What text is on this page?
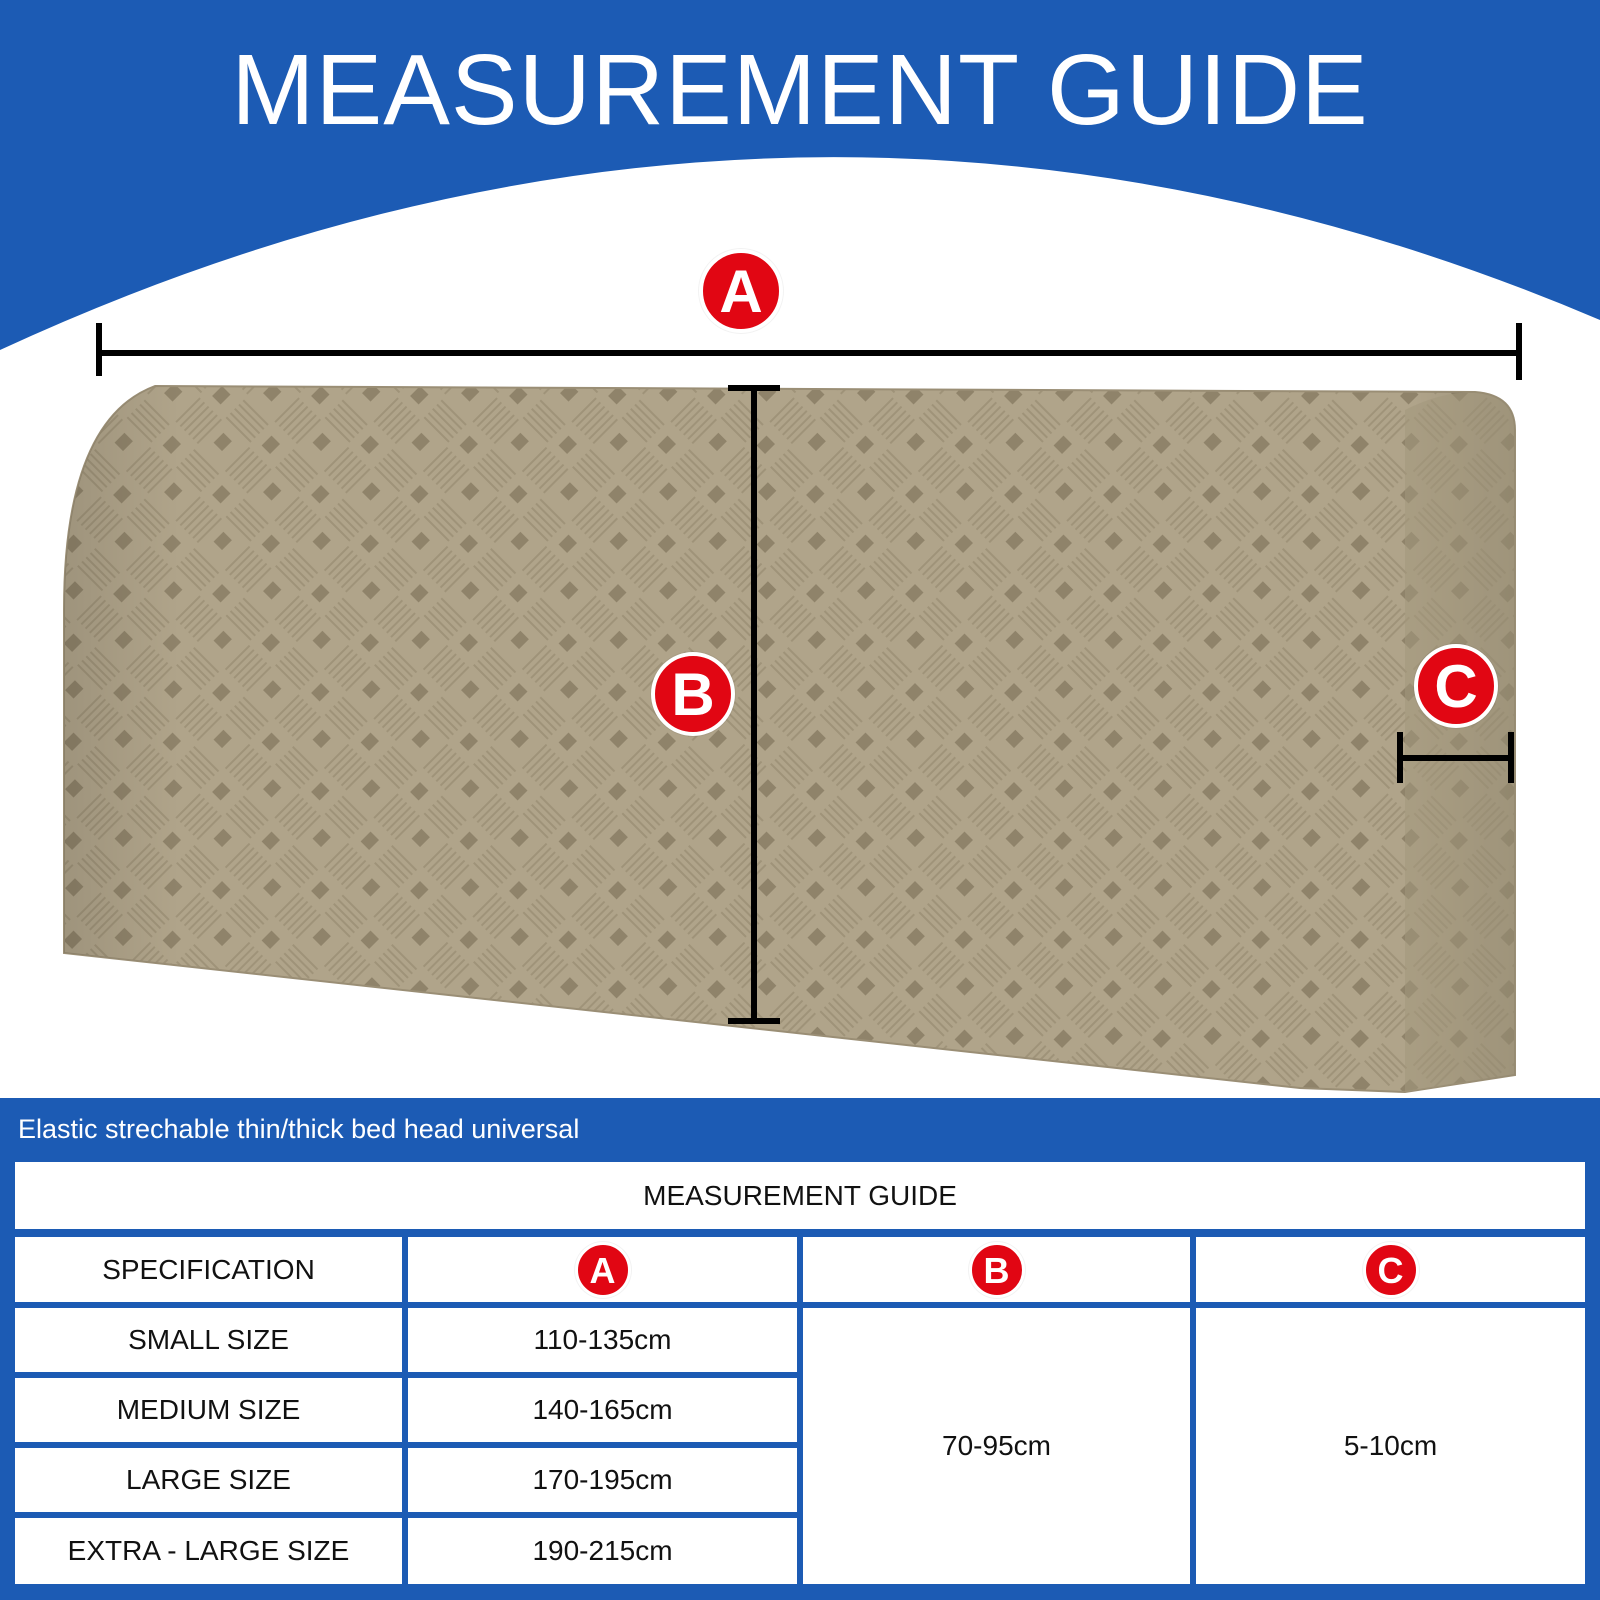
MEASUREMENT GUIDE
A
B	C
Elastic strechable thin/thick bed head universal
MEASUREMENT GUIDE
SPECIFICATION	A	B	C
SMALL SIZE	110-135cm
MEDIUM SIZE	140-165cm
LARGE SIZE	170-195cm
EXTRA - LARGE SIZE	190-215cm
70-95cm	5-10cm
